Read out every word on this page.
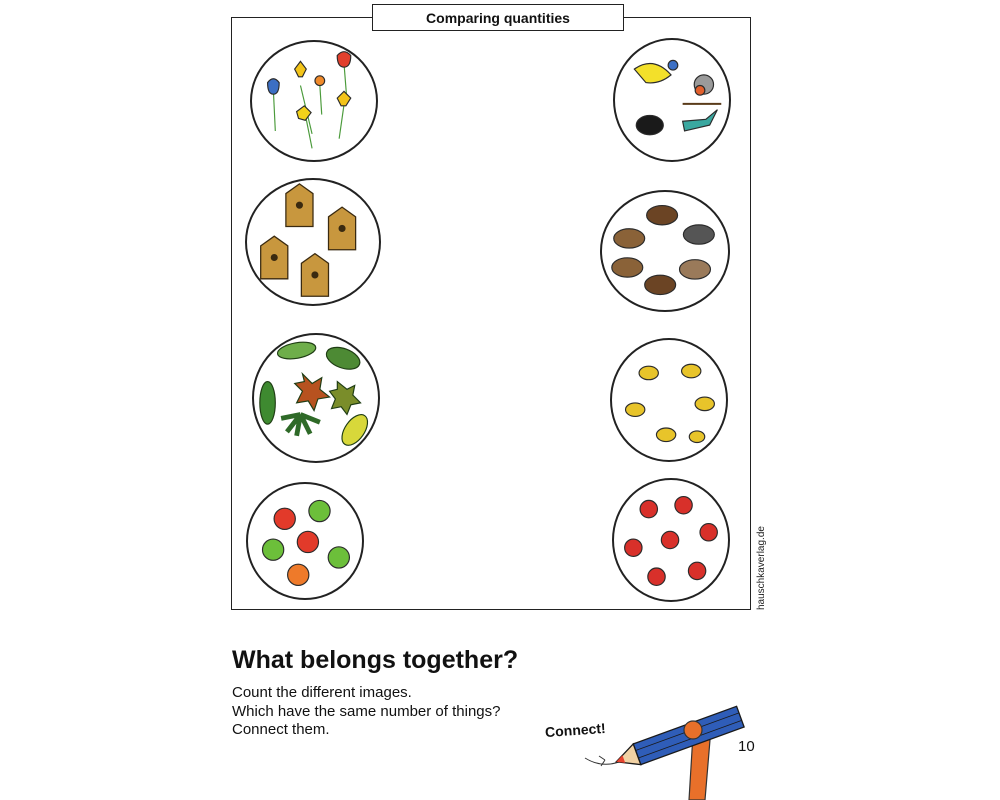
Comparing quantities
hauschkaverlag.de
What belongs together?
Count the different images.
Which have the same number of things?
Connect them.	Connect!
10
